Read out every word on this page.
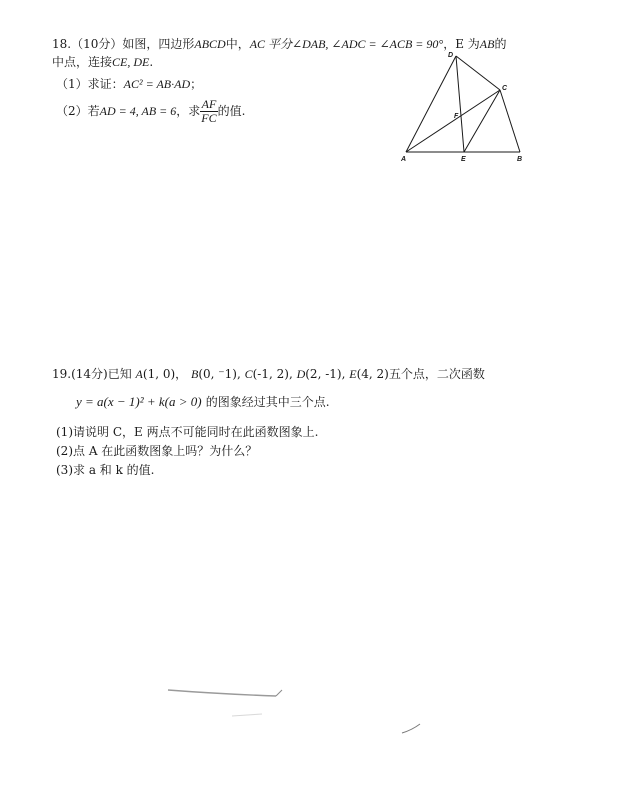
18.（10分）如图，四边形ABCD中，AC 平分∠DAB, ∠ADC = ∠ACB = 90°，E 为AB的
中点，连接CE, DE.
（1）求证：AC² = AB·AD；
（2）若AD = 4, AB = 6，求 $\frac{AF}{FC}$ 的值.
D
C
F
A	E	B
19.(14分)已知 A(1, 0)， B(0, ⁻1), C(-1, 2), D(2, -1), E(4, 2)五个点，二次函数
y = a(x − 1)² + k(a > 0) 的图象经过其中三个点.
(1)请说明 C，E 两点不可能同时在此函数图象上.
(2)点 A 在此函数图象上吗？为什么？
(3)求 a 和 k 的值.
